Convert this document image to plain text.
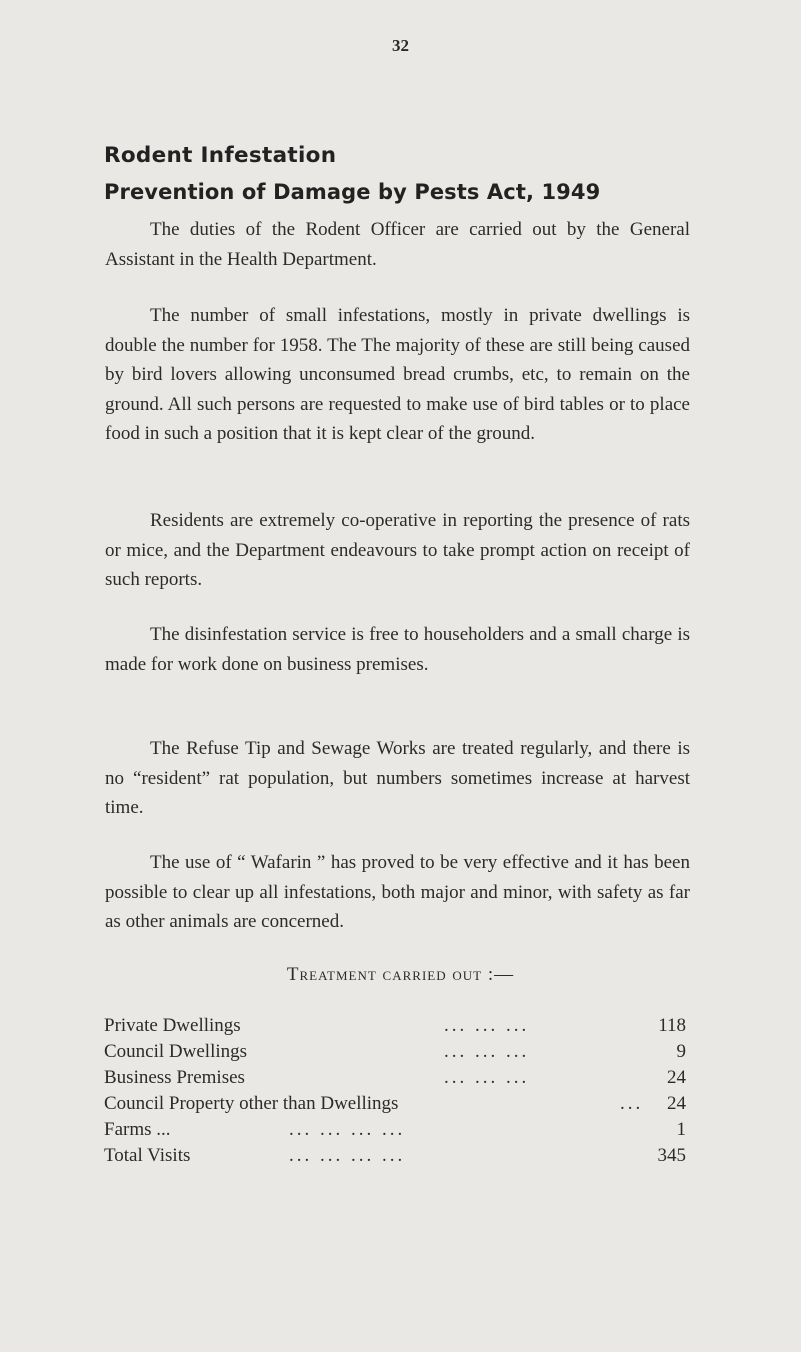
32
Rodent Infestation
Prevention of Damage by Pests Act, 1949

The duties of the Rodent Officer are carried out by the General Assistant in the Health Department.

The number of small infestations, mostly in private dwellings is double the number for 1958. The The majority of these are still being caused by bird lovers allowing unconsumed bread crumbs, etc, to remain on the ground. All such persons are requested to make use of bird tables or to place food in such a position that it is kept clear of the ground.

Residents are extremely co-operative in reporting the presence of rats or mice, and the Department endeavours to take prompt action on receipt of such reports.

The disinfestation service is free to householders and a small charge is made for work done on business premises.

The Refuse Tip and Sewage Works are treated regularly, and there is no “resident” rat population, but numbers sometimes increase at harvest time.

The use of “ Wafarin ” has proved to be very effective and it has been possible to clear up all infestations, both major and minor, with safety as far as other animals are concerned.

Treatment carried out :—
Private Dwellings	... ... ...	118
Council Dwellings	... ... ...	9
Business Premises	... ... ...	24
Council Property other than Dwellings	... 24
Farms ...	... ... ... ...	1
Total Visits	... ... ... ...	345
